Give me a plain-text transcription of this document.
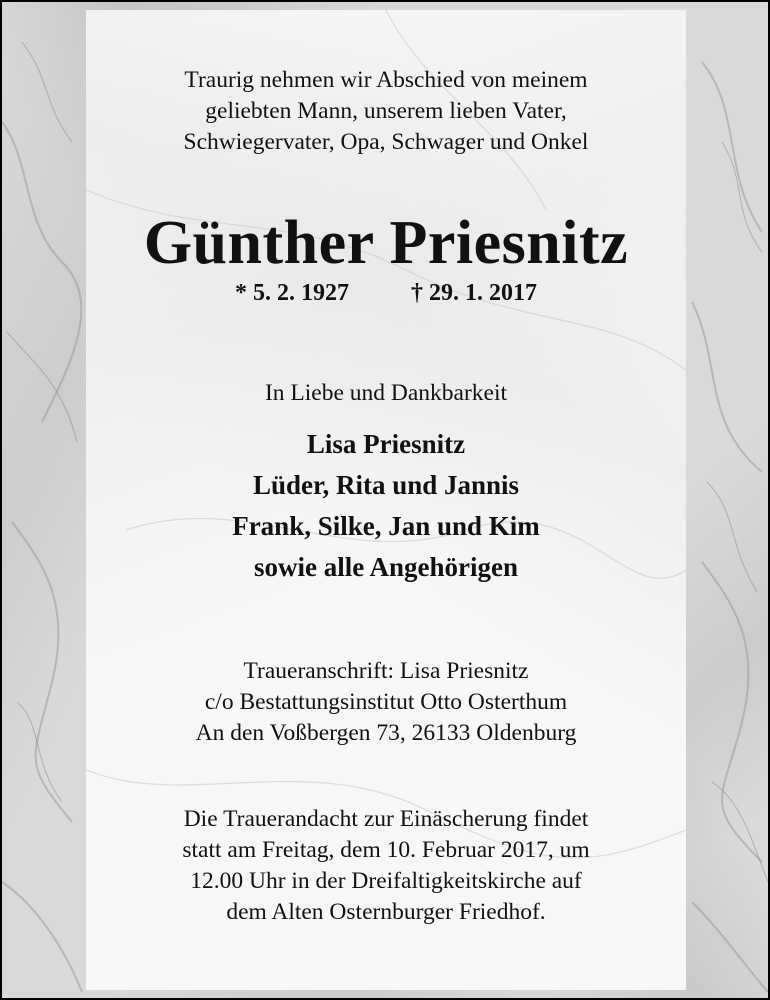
Traurig nehmen wir Abschied von meinem
geliebten Mann, unserem lieben Vater,
Schwiegervater, Opa, Schwager und Onkel
Günther Priesnitz
* 5. 2. 1927	† 29. 1. 2017
In Liebe und Dankbarkeit
Lisa Priesnitz
Lüder, Rita und Jannis
Frank, Silke, Jan und Kim
sowie alle Angehörigen
Traueranschrift: Lisa Priesnitz
c/o Bestattungsinstitut Otto Osterthum
An den Voßbergen 73, 26133 Oldenburg
Die Trauerandacht zur Einäscherung findet
statt am Freitag, dem 10. Februar 2017, um
12.00 Uhr in der Dreifaltigkeitskirche auf
dem Alten Osternburger Friedhof.
